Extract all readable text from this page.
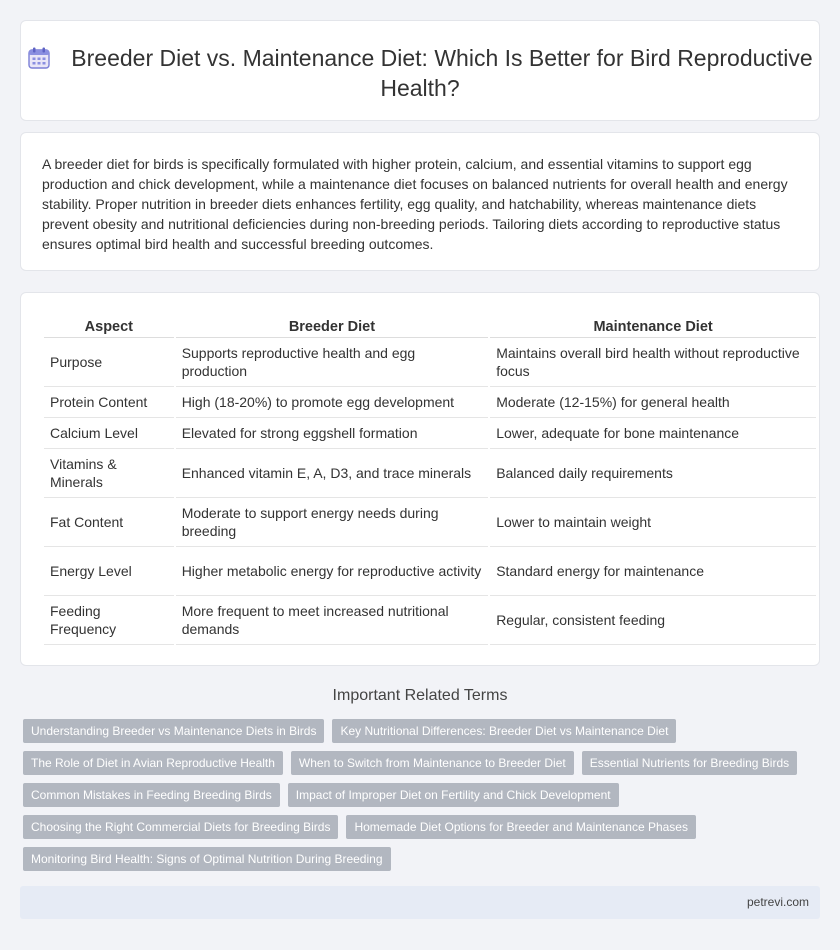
Breeder Diet vs. Maintenance Diet: Which Is Better for Bird Reproductive Health?

A breeder diet for birds is specifically formulated with higher protein, calcium, and essential vitamins to support egg production and chick development, while a maintenance diet focuses on balanced nutrients for overall health and energy stability. Proper nutrition in breeder diets enhances fertility, egg quality, and hatchability, whereas maintenance diets prevent obesity and nutritional deficiencies during non-breeding periods. Tailoring diets according to reproductive status ensures optimal bird health and successful breeding outcomes.

Aspect	Breeder Diet	Maintenance Diet
Purpose	Supports reproductive health and egg production	Maintains overall bird health without reproductive focus
Protein Content	High (18-20%) to promote egg development	Moderate (12-15%) for general health
Calcium Level	Elevated for strong eggshell formation	Lower, adequate for bone maintenance
Vitamins & Minerals	Enhanced vitamin E, A, D3, and trace minerals	Balanced daily requirements
Fat Content	Moderate to support energy needs during breeding	Lower to maintain weight
Energy Level	Higher metabolic energy for reproductive activity	Standard energy for maintenance
Feeding Frequency	More frequent to meet increased nutritional demands	Regular, consistent feeding
Important Related Terms
Understanding Breeder vs Maintenance Diets in Birds	Key Nutritional Differences: Breeder Diet vs Maintenance Diet
The Role of Diet in Avian Reproductive Health	When to Switch from Maintenance to Breeder Diet	Essential Nutrients for Breeding Birds
Common Mistakes in Feeding Breeding Birds	Impact of Improper Diet on Fertility and Chick Development
Choosing the Right Commercial Diets for Breeding Birds	Homemade Diet Options for Breeder and Maintenance Phases
Monitoring Bird Health: Signs of Optimal Nutrition During Breeding
petrevi.com
